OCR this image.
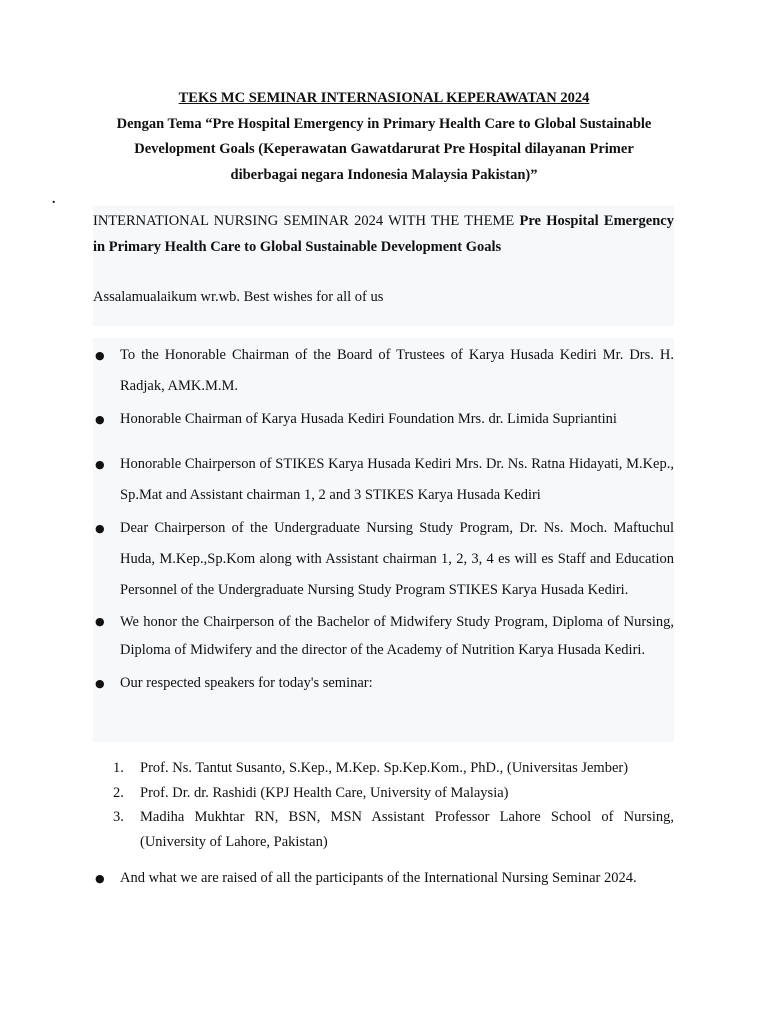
TEKS MC SEMINAR INTERNASIONAL KEPERAWATAN 2024
Dengan Tema “Pre Hospital Emergency in Primary Health Care to Global Sustainable
Development Goals (Keperawatan Gawatdarurat Pre Hospital dilayanan Primer
diberbagai negara Indonesia Malaysia Pakistan)”
.
INTERNATIONAL NURSING SEMINAR 2024 WITH THE THEME Pre Hospital Emergency in Primary Health Care to Global Sustainable Development Goals
Assalamualaikum wr.wb. Best wishes for all of us
● To the Honorable Chairman of the Board of Trustees of Karya Husada Kediri Mr. Drs. H. Radjak, AMK.M.M.
● Honorable Chairman of Karya Husada Kediri Foundation Mrs. dr. Limida Supriantini
● Honorable Chairperson of STIKES Karya Husada Kediri Mrs. Dr. Ns. Ratna Hidayati, M.Kep., Sp.Mat and Assistant chairman 1, 2 and 3 STIKES Karya Husada Kediri
● Dear Chairperson of the Undergraduate Nursing Study Program, Dr. Ns. Moch. Maftuchul Huda, M.Kep.,Sp.Kom along with Assistant chairman 1, 2, 3, 4 es will es Staff and Education Personnel of the Undergraduate Nursing Study Program STIKES Karya Husada Kediri.
● We honor the Chairperson of the Bachelor of Midwifery Study Program, Diploma of Nursing, Diploma of Midwifery and the director of the Academy of Nutrition Karya Husada Kediri.
● Our respected speakers for today's seminar:
1. Prof. Ns. Tantut Susanto, S.Kep., M.Kep. Sp.Kep.Kom., PhD., (Universitas Jember)
2. Prof. Dr. dr. Rashidi (KPJ Health Care, University of Malaysia)
3. Madiha Mukhtar RN, BSN, MSN Assistant Professor Lahore School of Nursing, (University of Lahore, Pakistan)
● And what we are raised of all the participants of the International Nursing Seminar 2024.
